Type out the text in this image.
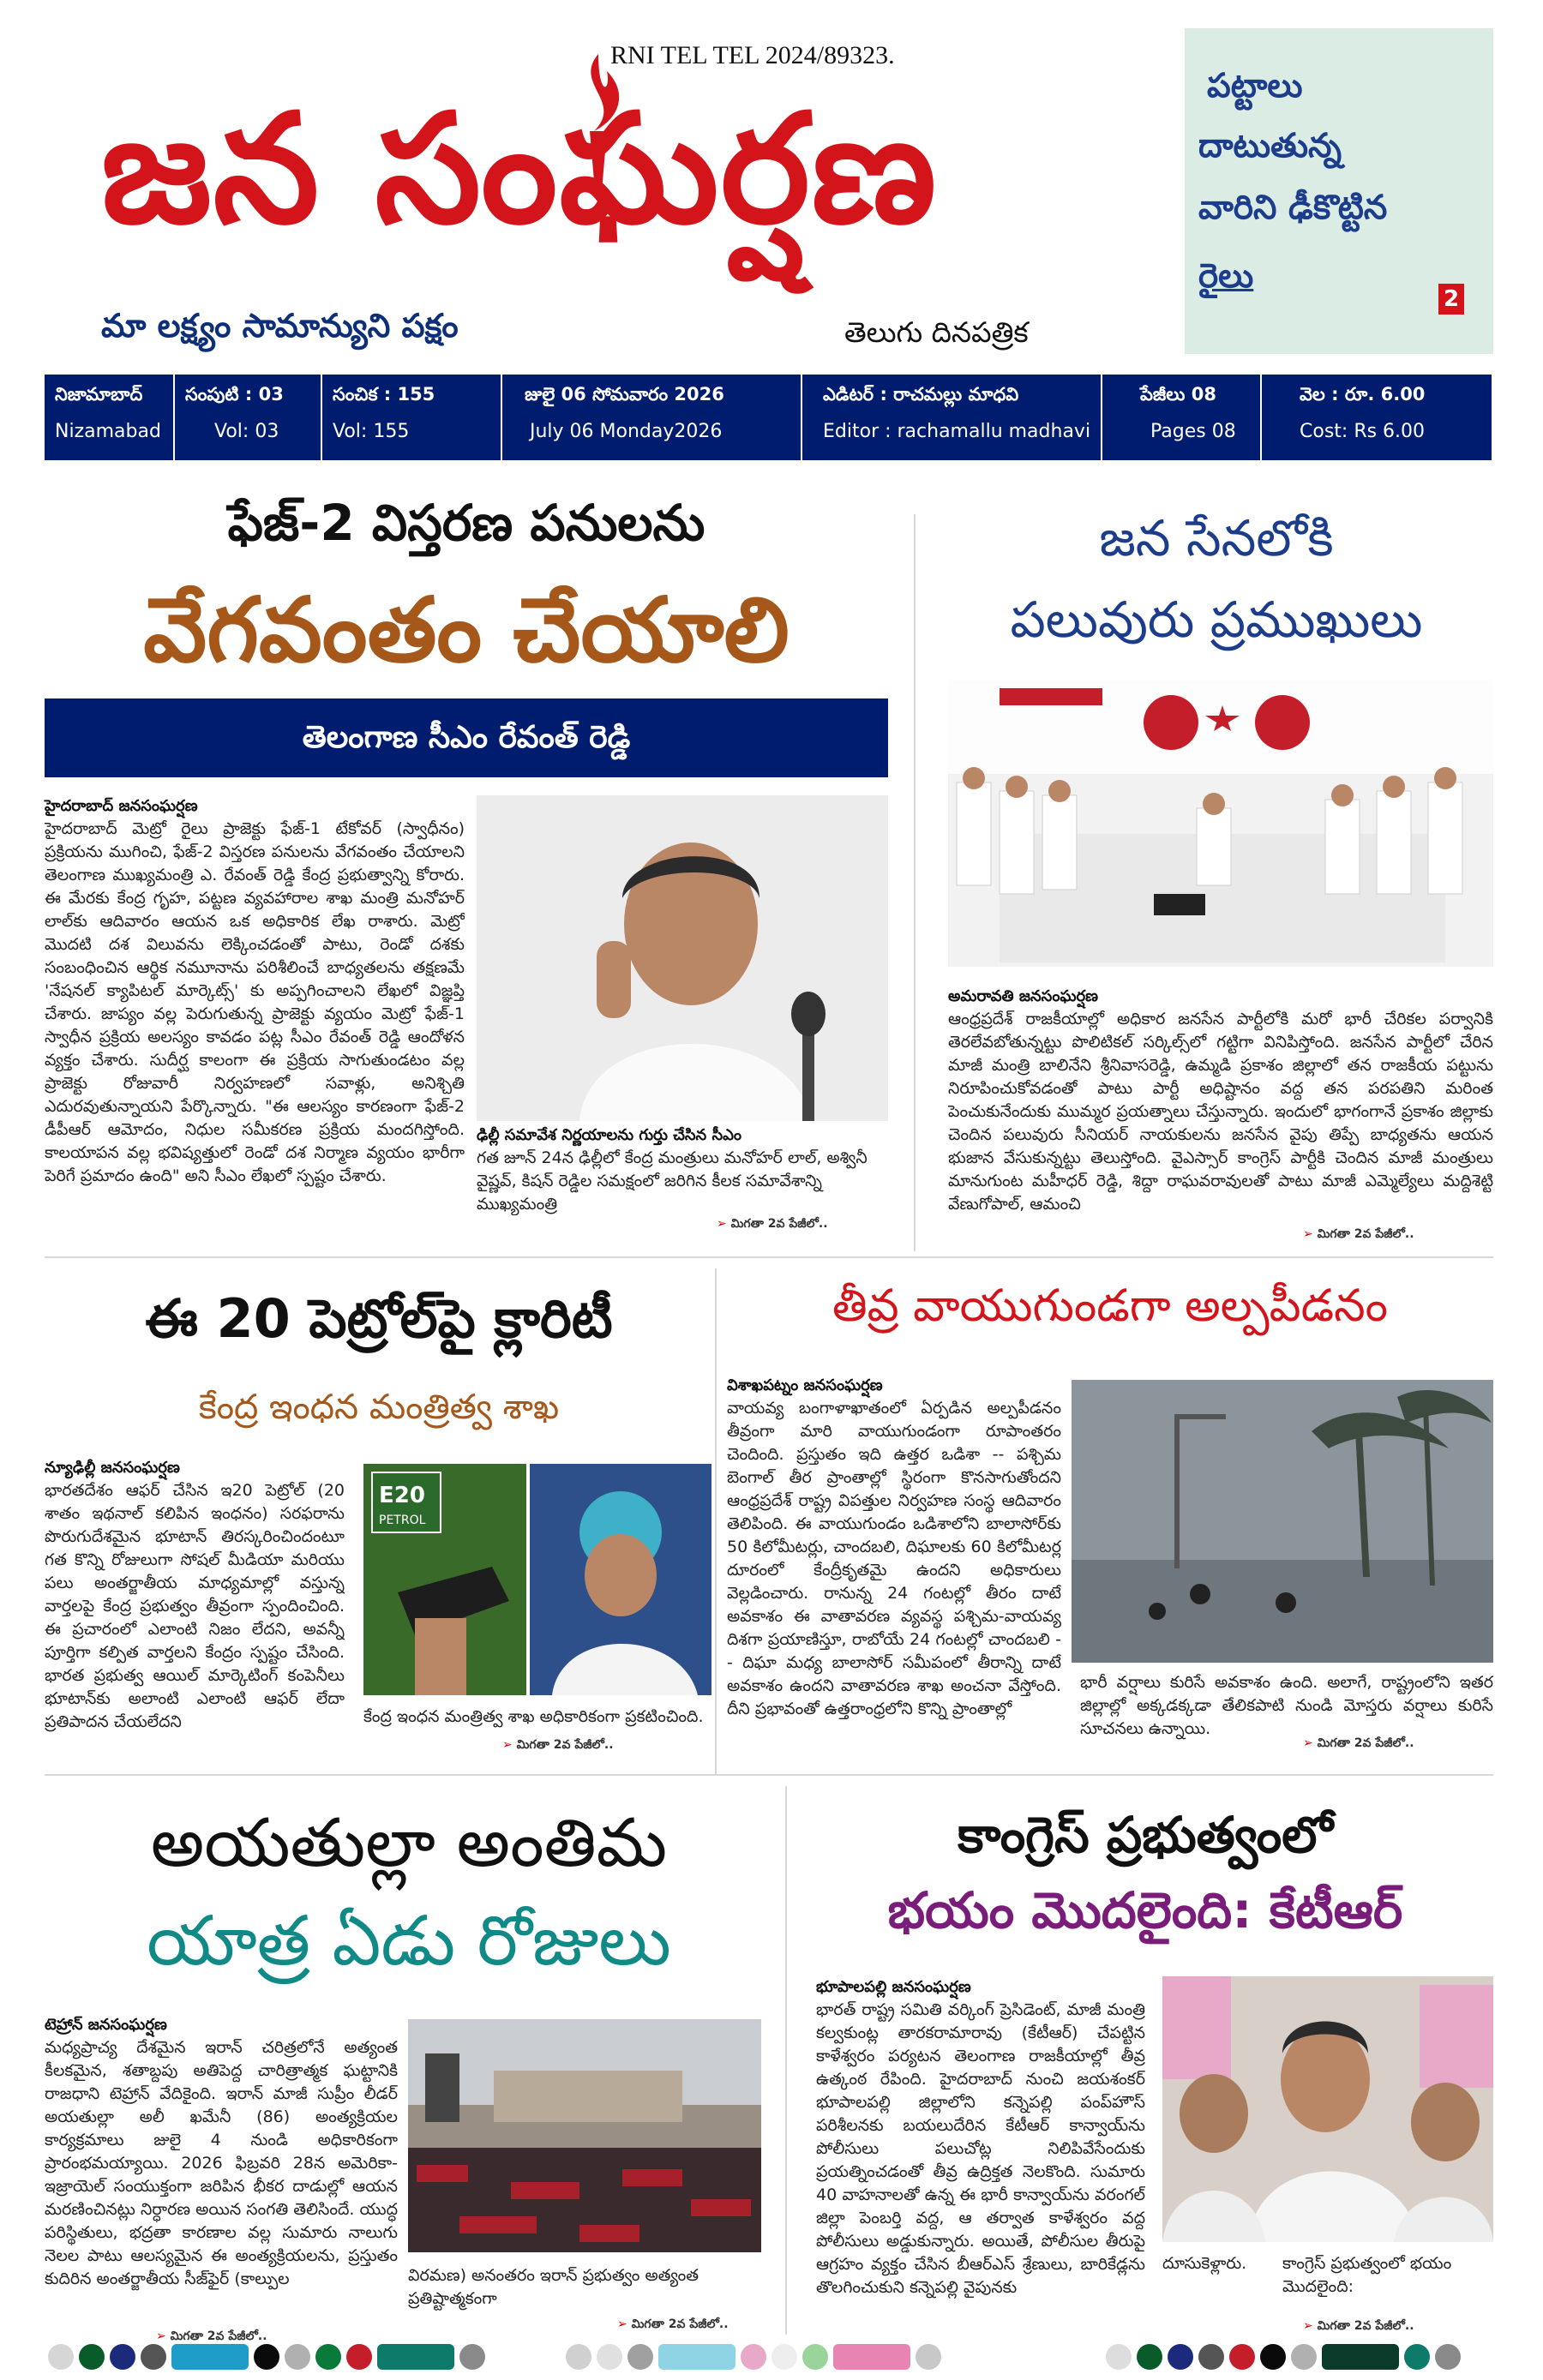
RNI TEL TEL 2024/89323.
జన సంఘర్షణ
మా లక్ష్యం సామాన్యుని పక్షం	తెలుగు దినపత్రిక
పట్టాలు
దాటుతున్న
వారిని ఢీకొట్టిన
రైలు
2
నిజామాబాద్
Nizamabad
సంపుటి : 03
Vol: 03
సంచిక : 155
Vol: 155
జులై 06 సోమవారం 2026
July 06 Monday2026
ఎడిటర్ : రాచమల్లు మాధవి
Editor : rachamallu madhavi
పేజీలు 08
Pages 08
వెల : రూ. 6.00
Cost: Rs 6.00
ఫేజ్-2 విస్తరణ పనులను
వేగవంతం చేయాలి
తెలంగాణ సీఎం రేవంత్ రెడ్డి
హైదరాబాద్ జనసంఘర్షణ

హైదరాబాద్ మెట్రో రైలు ప్రాజెక్టు ఫేజ్-1 టేకోవర్ (స్వాధీనం) ప్రక్రియను ముగించి, ఫేజ్-2 విస్తరణ పనులను వేగవంతం చేయాలని తెలంగాణ ముఖ్యమంత్రి ఎ. రేవంత్ రెడ్డి కేంద్ర ప్రభుత్వాన్ని కోరారు. ఈ మేరకు కేంద్ర గృహ, పట్టణ వ్యవహారాల శాఖ మంత్రి మనోహర్ లాల్‌కు ఆదివారం ఆయన ఒక అధికారిక లేఖ రాశారు. మెట్రో మొదటి దశ విలువను లెక్కించడంతో పాటు, రెండో దశకు సంబంధించిన ఆర్థిక నమూనాను పరిశీలించే బాధ్యతలను తక్షణమే 'నేషనల్ క్యాపిటల్ మార్కెట్స్' కు అప్పగించాలని లేఖలో విజ్ఞప్తి చేశారు. జాప్యం వల్ల పెరుగుతున్న ప్రాజెక్టు వ్యయం మెట్రో ఫేజ్-1 స్వాధీన ప్రక్రియ అలస్యం కావడం పట్ల సీఎం రేవంత్ రెడ్డి ఆందోళన వ్యక్తం చేశారు. సుదీర్ఘ కాలంగా ఈ ప్రక్రియ సాగుతుండటం వల్ల ప్రాజెక్టు రోజువారీ నిర్వహణలో సవాళ్లు, అనిశ్చితి ఎదురవుతున్నాయని పేర్కొన్నారు. "ఈ ఆలస్యం కారణంగా ఫేజ్-2 డీపీఆర్ ఆమోదం, నిధుల సమీకరణ ప్రక్రియ మందగిస్తోంది. కాలయాపన వల్ల భవిష్యత్తులో రెండో దశ నిర్మాణ వ్యయం భారీగా పెరిగే ప్రమాదం ఉంది" అని సీఎం లేఖలో స్పష్టం చేశారు.

ఢిల్లీ సమావేశ నిర్ణయాలను గుర్తు చేసిన సీఎం

గత జూన్ 24న ఢిల్లీలో కేంద్ర మంత్రులు మనోహర్ లాల్, అశ్వినీ వైష్ణవ్, కిషన్ రెడ్డిల సమక్షంలో జరిగిన కీలక సమావేశాన్ని ముఖ్యమంత్రి

➢ మిగతా 2వ పేజీలో..
జన సేనలోకి
పలువురు ప్రముఖులు
అమరావతి జనసంఘర్షణ

ఆంధ్రప్రదేశ్ రాజకీయాల్లో అధికార జనసేన పార్టీలోకి మరో భారీ చేరికల పర్వానికి తెరలేవబోతున్నట్టు పొలిటికల్ సర్కిల్స్‌లో గట్టిగా వినిపిస్తోంది. జనసేన పార్టీలో చేరిన మాజీ మంత్రి బాలినేని శ్రీనివాసరెడ్డి, ఉమ్మడి ప్రకాశం జిల్లాలో తన రాజకీయ పట్టును నిరూపించుకోవడంతో పాటు పార్టీ అధిష్టానం వద్ద తన పరపతిని మరింత పెంచుకునేందుకు ముమ్మర ప్రయత్నాలు చేస్తున్నారు. ఇందులో భాగంగానే ప్రకాశం జిల్లాకు చెందిన పలువురు సీనియర్ నాయకులను జనసేన వైపు తిప్పే బాధ్యతను ఆయన భుజాన వేసుకున్నట్టు తెలుస్తోంది. వైఎస్సార్ కాంగ్రెస్ పార్టీకి చెందిన మాజీ మంత్రులు మానుగుంట మహీధర్ రెడ్డి, శిద్దా రాఘవరావులతో పాటు మాజీ ఎమ్మెల్యేలు మద్దిశెట్టి వేణుగోపాల్, ఆమంచి

➢ మిగతా 2వ పేజీలో..
ఈ 20 పెట్రోల్‌పై క్లారిటీ
కేంద్ర ఇంధన మంత్రిత్వ శాఖ
న్యూఢిల్లీ జనసంఘర్షణ

భారతదేశం ఆఫర్ చేసిన ఇ20 పెట్రోల్ (20 శాతం ఇథనాల్ కలిపిన ఇంధనం) సరఫరాను పొరుగుదేశమైన భూటాన్ తిరస్కరించిందంటూ గత కొన్ని రోజులుగా సోషల్ మీడియా మరియు పలు అంతర్జాతీయ మాధ్యమాల్లో వస్తున్న వార్తలపై కేంద్ర ప్రభుత్వం తీవ్రంగా స్పందించింది. ఈ ప్రచారంలో ఎలాంటి నిజం లేదని, అవన్నీ పూర్తిగా కల్పిత వార్తలని కేంద్రం స్పష్టం చేసింది. భారత ప్రభుత్వ ఆయిల్ మార్కెటింగ్ కంపెనీలు భూటాన్‌కు అలాంటి ఎలాంటి ఆఫర్ లేదా ప్రతిపాదన చేయలేదని

E20
PETROL

కేంద్ర ఇంధన మంత్రిత్వ శాఖ అధికారికంగా ప్రకటించింది.

➢ మిగతా 2వ పేజీలో..
తీవ్ర వాయుగుండగా అల్పపీడనం
విశాఖపట్నం జనసంఘర్షణ

వాయవ్య బంగాళాఖాతంలో ఏర్పడిన అల్పపీడనం తీవ్రంగా మారి వాయుగుండంగా రూపాంతరం చెందింది. ప్రస్తుతం ఇది ఉత్తర ఒడిశా -- పశ్చిమ బెంగాల్ తీర ప్రాంతాల్లో స్థిరంగా కొనసాగుతోందని ఆంధ్రప్రదేశ్ రాష్ట్ర విపత్తుల నిర్వహణ సంస్థ ఆదివారం తెలిపింది. ఈ వాయుగుండం ఒడిశాలోని బాలాసోర్‌కు 50 కిలోమీటర్లు, చాందబలి, దిఘాలకు 60 కిలోమీటర్ల దూరంలో కేంద్రీకృతమై ఉందని అధికారులు వెల్లడించారు. రానున్న 24 గంటల్లో తీరం దాటే అవకాశం ఈ వాతావరణ వ్యవస్థ పశ్చిమ-వాయవ్య దిశగా ప్రయాణిస్తూ, రాబోయే 24 గంటల్లో చాందబలి -- దిఘా మధ్య బాలాసోర్ సమీపంలో తీరాన్ని దాటే అవకాశం ఉందని వాతావరణ శాఖ అంచనా వేస్తోంది. దీని ప్రభావంతో ఉత్తరాంధ్రలోని కొన్ని ప్రాంతాల్లో

భారీ వర్షాలు కురిసే అవకాశం ఉంది. అలాగే, రాష్ట్రంలోని ఇతర జిల్లాల్లో అక్కడక్కడా తేలికపాటి నుండి మోస్తరు వర్షాలు కురిసే సూచనలు ఉన్నాయి.

➢ మిగతా 2వ పేజీలో..
అయతుల్లా అంతిమ
యాత్ర ఏడు రోజులు
టెహ్రాన్ జనసంఘర్షణ

మధ్యప్రాచ్య దేశమైన ఇరాన్ చరిత్రలోనే అత్యంత కీలకమైన, శతాబ్దపు అతిపెద్ద చారిత్రాత్మక ఘట్టానికి రాజధాని టెహ్రాన్ వేదికైంది. ఇరాన్ మాజీ సుప్రీం లీడర్ అయతుల్లా అలీ ఖమేనీ (86) అంత్యక్రియల కార్యక్రమాలు జులై 4 నుండి అధికారికంగా ప్రారంభమయ్యాయి. 2026 ఫిబ్రవరి 28న అమెరికా-ఇజ్రాయెల్ సంయుక్తంగా జరిపిన భీకర దాడుల్లో ఆయన మరణించినట్లు నిర్ధారణ అయిన సంగతి తెలిసిందే. యుద్ధ పరిస్థితులు, భద్రతా కారణాల వల్ల సుమారు నాలుగు నెలల పాటు ఆలస్యమైన ఈ అంత్యక్రియలను, ప్రస్తుతం కుదిరిన అంతర్జాతీయ సీజ్‌ఫైర్ (కాల్పుల	విరమణ) అనంతరం ఇరాన్ ప్రభుత్వం అత్యంత ప్రతిష్టాత్మకంగా

➢ మిగతా 2వ పేజీలో..
➢ మిగతా 2వ పేజీలో..
కాంగ్రెస్ ప్రభుత్వంలో
భయం మొదలైంది: కేటీఆర్
భూపాలపల్లి జనసంఘర్షణ

భారత్ రాష్ట్ర సమితి వర్కింగ్ ప్రెసిడెంట్, మాజీ మంత్రి కల్వకుంట్ల తారకరామారావు (కేటీఆర్) చేపట్టిన కాళేశ్వరం పర్యటన తెలంగాణ రాజకీయాల్లో తీవ్ర ఉత్కంఠ రేపింది. హైదరాబాద్ నుంచి జయశంకర్ భూపాలపల్లి జిల్లాలోని కన్నెపల్లి పంప్‌హౌస్ పరిశీలనకు బయలుదేరిన కేటీఆర్ కాన్వాయ్‌ను పోలీసులు పలుచోట్ల నిలిపివేసేందుకు ప్రయత్నించడంతో తీవ్ర ఉద్రిక్తత నెలకొంది. సుమారు 40 వాహనాలతో ఉన్న ఈ భారీ కాన్వాయ్‌ను వరంగల్ జిల్లా పెంబర్తి వద్ద, ఆ తర్వాత కాళేశ్వరం వద్ద పోలీసులు అడ్డుకున్నారు. అయితే, పోలీసుల తీరుపై ఆగ్రహం వ్యక్తం చేసిన బీఆర్ఎస్ శ్రేణులు, బారికేడ్లను తొలగించుకుని కన్నెపల్లి వైపునకు

దూసుకెళ్లారు.	కాంగ్రెస్ ప్రభుత్వంలో భయం మొదలైంది:

➢ మిగతా 2వ పేజీలో..
